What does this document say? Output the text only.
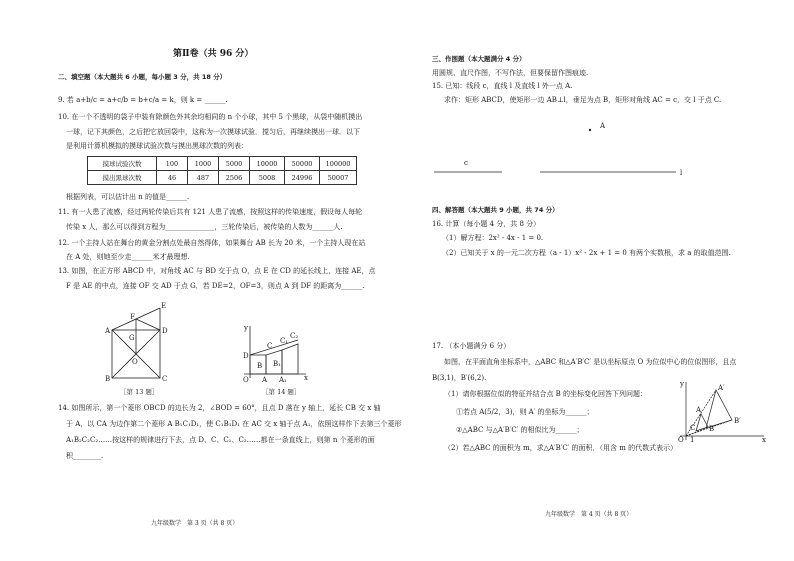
第Ⅱ卷（共 96 分）
二、填空题（本大题共 6 小题，每小题 3 分，共 18 分）
9. 若 a+b/c = a+c/b = b+c/a = k，则 k = ______.
10. 在一个不透明的袋子中装有除颜色外其余均相同的 n 个小球，其中 5 个黑球，从袋中随机摸出
一球，记下其颜色，之后把它放回袋中，这称为一次摸球试验．搅匀后，再继续摸出一球．以下
是利用计算机模拟的摸球试验次数与摸出黑球次数的列表：
摸球试验次数	100	1000	5000	10000	50000	100000
摸出黑球次数	46	487	2506	5008	24996	50007
根据列表，可以估计出 n 的值是______.
11. 有一人患了流感，经过两轮传染后共有 121 人患了流感，按照这样的传染速度，假设每人每轮
传染 x 人，那么可以得到方程为______________，三轮传染后，被传染的人数为______人.
12. 一个主持人站在舞台的黄金分割点处最自然得体，如果舞台 AB 长为 20 米，一个主持人现在站
在 A 处，则她至少走______米才最理想.
13. 如图，在正方形 ABCD 中，对角线 AC 与 BD 交于点 O，点 E 在 CD 的延长线上，连接 AE，点
F 是 AE 的中点，连接 OF 交 AD 于点 G．若 DE=2，OF=3，则点 A 到 DF 的距离为______.
A
B	C
D
E
F
G
O
［第 13 题］
y
x
O A A₁
B B₁
D
C
C₁
C₂
［第 14 题］
14. 如图所示，第一个菱形 OBCD 的边长为 2，∠BOD = 60°，且点 D 落在 y 轴上，延长 CB 交 x 轴
于 A，以 CA 为边作第二个菱形 A B₁C₁D₁，使 C₁B₁D₁ 在 AC 交 x 轴于点 A₁，依照这样作下去第三个菱形
A₁B₂C₂C₂……按这样的规律进行下去，点 D、C、C₁、C₂……都在一条直线上，则第 n 个菱形的面
积________.
九年级数学　第 3 页（共 8 页）
三、作图题（本大题满分 4 分）
用圆规、直尺作图，不写作法，但要保留作图痕迹.
15. 已知：线段 c，直线 l 及直线 l 外一点 A.
求作：矩形 ABCD，使矩形一边 AB⊥l，垂足为点 B，矩形对角线 AC = c，交 l 于点 C.
A
c
l
四、解答题（本大题共 9 小题，共 74 分）
16. 计算（每小题 4 分，共 8 分）
（1）解方程：2x² - 4x - 1 = 0.
（2）已知关于 x 的一元二次方程（a - 1）x² - 2x + 1 = 0 有两个实数根，求 a 的取值范围.
17. （本小题满分 6 分）
如图，在平面直角坐标系中，△ABC 和△A′B′C′ 是以坐标原点 O 为位似中心的位似图形，且点
B(3,1)，B′(6,2).
（1）请你根据位似的特征并结合点 B 的坐标变化回答下列问题：
①若点 A(5/2，3)，则 A′ 的坐标为______；
②△ABC 与△A′B′C′ 的相似比为______；
（2）若△ABC 的面积为 m，求△A′B′C′ 的面积．（用含 m 的代数式表示）
y
x
O 1
A′
B′
A
C B
九年级数学　第 4 页（共 8 页）
